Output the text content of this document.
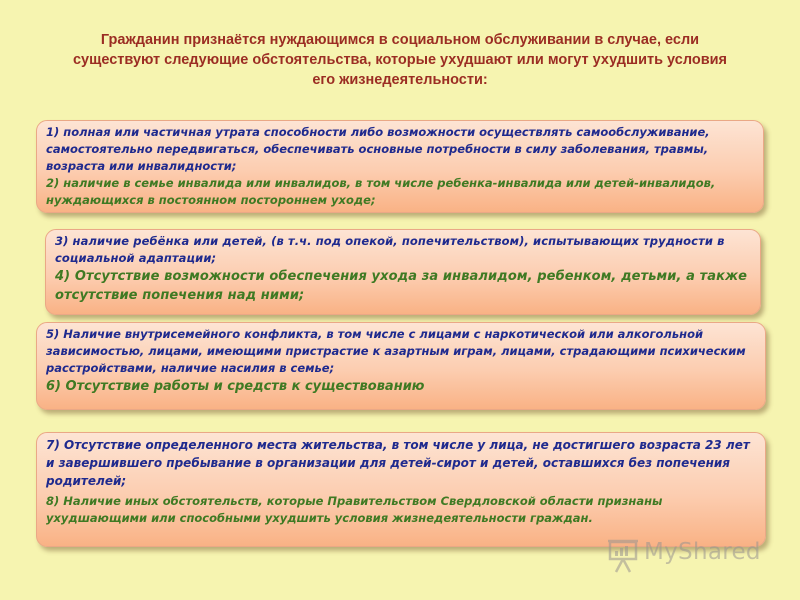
Гражданин признаётся нуждающимся в социальном обслуживании в случае, если существуют следующие обстоятельства, которые ухудшают или могут ухудшить условия его жизнедеятельности:

1) полная или частичная утрата способности либо возможности осуществлять самообслуживание, самостоятельно передвигаться, обеспечивать основные потребности в силу заболевания, травмы, возраста или инвалидности;

2) наличие в семье инвалида или инвалидов, в том числе ребенка-инвалида или детей-инвалидов, нуждающихся в постоянном постороннем уходе;

3) наличие ребёнка или детей, (в т.ч. под опекой, попечительством), испытывающих трудности в социальной адаптации;

4) Отсутствие возможности обеспечения ухода за инвалидом, ребенком, детьми, а также отсутствие попечения над ними;

5) Наличие внутрисемейного конфликта, в том числе с лицами с наркотической или алкогольной зависимостью, лицами, имеющими пристрастие к азартным играм, лицами, страдающими психическим расстройствами, наличие насилия в семье;

6) Отсутствие работы и средств к существованию

7) Отсутствие определенного места жительства, в том числе у лица, не достигшего возраста 23 лет и завершившего пребывание в организации для детей-сирот и детей, оставшихся без попечения родителей;

8) Наличие иных обстоятельств, которые Правительством Свердловской области признаны ухудшающими или способными ухудшить условия жизнедеятельности граждан.

MyShared
